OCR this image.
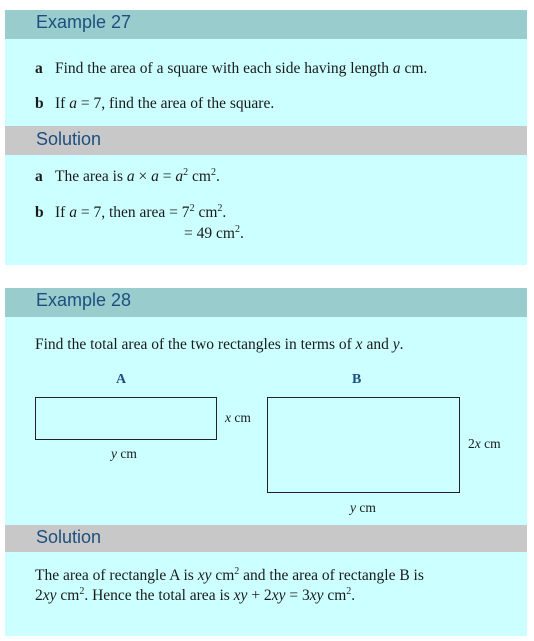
Example 27
a Find the area of a square with each side having length a cm.
b If a = 7, find the area of the square.
Solution
a The area is $a \times a = a^2$ $cm^2$.
b If a = 7, then area = $7^2$ $cm^2$.
= 49 $cm^2$.
Example 28
Find the total area of the two rectangles in terms of x and y.
A
x cm
y cm
B
2x cm
y cm
Solution
The area of rectangle A is xy $cm^2$ and the area of rectangle B is
2xy $cm^2$. Hence the total area is xy + 2xy = 3xy $cm^2$.
